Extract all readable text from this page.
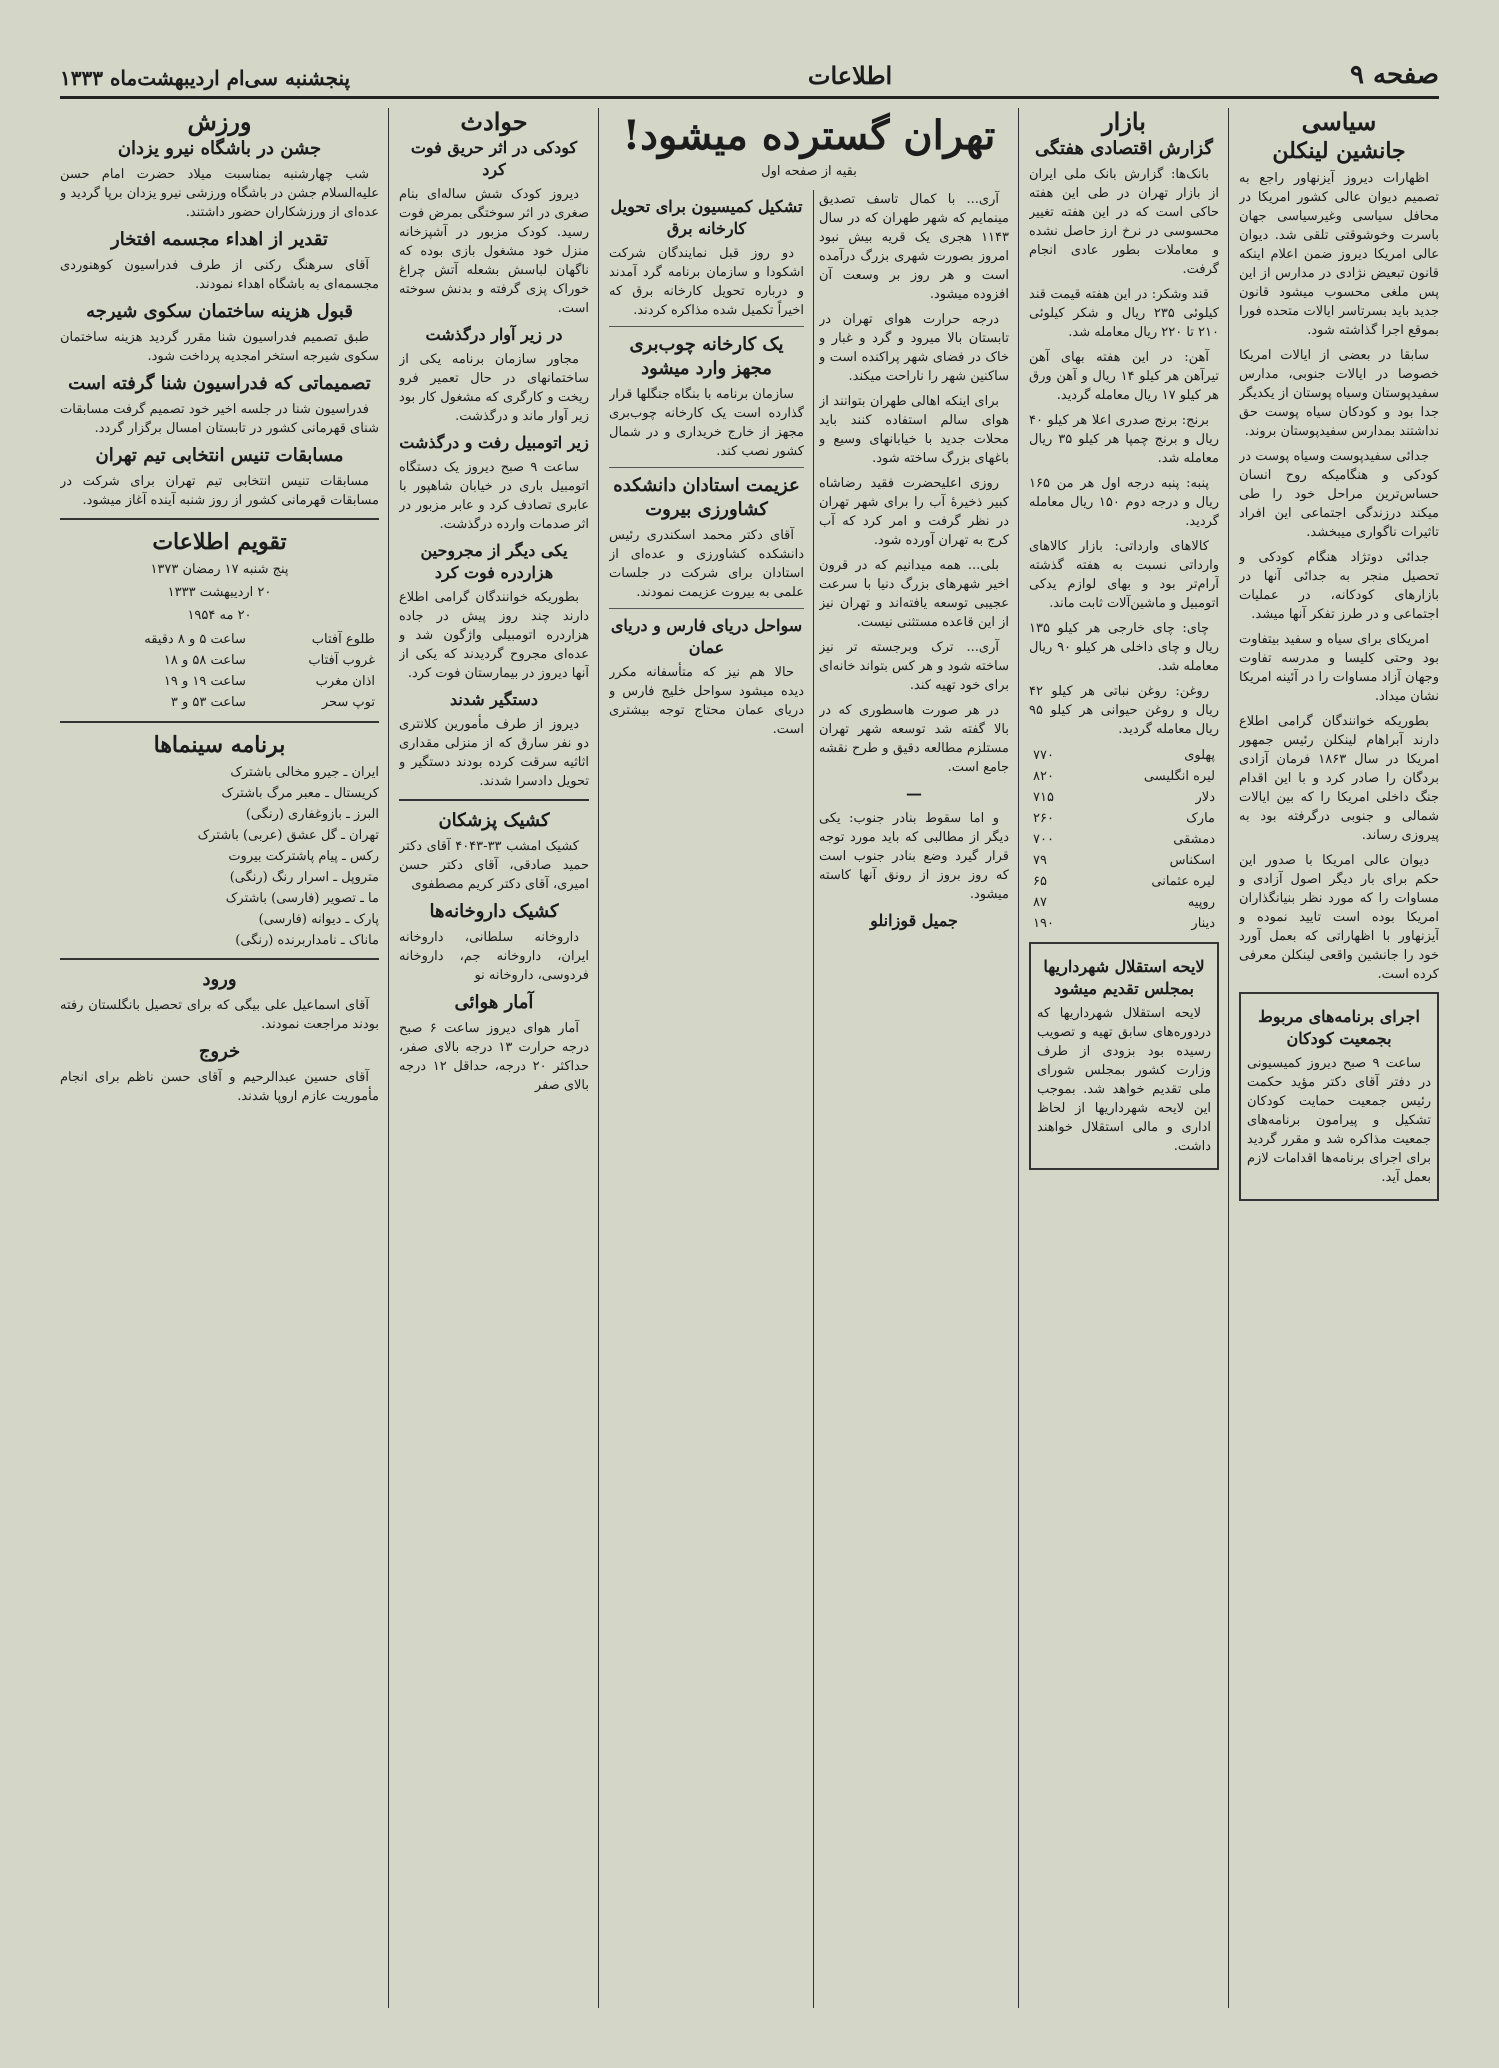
صفحه ۹
اطلاعات
پنجشنبه سی‌ام اردیبهشت‌ماه ۱۳۳۳
سیاسی
جانشین لینکلن

اظهارات دیروز آیزنهاور راجع به تصمیم دیوان عالی کشور امریکا در محافل سیاسی وغیرسیاسی جهان باسرت وخوشوقتی تلقی شد. دیوان عالی امریکا دیروز ضمن اعلام اینکه قانون تبعیض نژادی در مدارس از این پس ملغی محسوب میشود قانون جدید باید بسرتاسر ایالات متحده فورا بموقع اجرا گذاشته شود.

سابقا در بعضی از ایالات امریکا خصوصا در ایالات جنوبی، مدارس سفیدپوستان وسیاه پوستان از یکدیگر جدا بود و کودکان سیاه پوست حق نداشتند بمدارس سفیدپوستان بروند.

جدائی سفیدپوست وسیاه پوست در کودکی و هنگامیکه روح انسان حساس‌ترین مراحل خود را طی میکند درزندگی اجتماعی این افراد تاثیرات ناگواری میبخشد.

جدائی دوتژاد هنگام کودکی و تحصیل منجر به جدائی آنها در بازارهای کودکانه، در عملیات اجتماعی و در طرز تفکر آنها میشد.

امریکای برای سیاه و سفید بیتفاوت بود وحتی کلیسا و مدرسه تفاوت وجهان آزاد مساوات را در آئینه امریکا نشان میداد.

بطوریکه خوانندگان گرامی اطلاع دارند آبراهام لینکلن رئیس جمهور امریکا در سال ۱۸۶۳ فرمان آزادی بردگان را صادر کرد و با این اقدام جنگ داخلی امریکا را که بین ایالات شمالی و جنوبی درگرفته بود به پیروزی رساند.

دیوان عالی امریکا با صدور این حکم برای بار دیگر اصول آزادی و مساوات را که مورد نظر بنیانگذاران امریکا بوده است تایید نموده و آیزنهاور با اظهاراتی که بعمل آورد خود را جانشین واقعی لینکلن معرفی کرده است.

اجرای برنامه‌های مربوط بجمعیت کودکان

ساعت ۹ صبح دیروز کمیسیونی در دفتر آقای دکتر مؤید حکمت رئیس جمعیت حمایت کودکان تشکیل و پیرامون برنامه‌های جمعیت مذاکره شد و مقرر گردید برای اجرای برنامه‌ها اقدامات لازم بعمل آید.

بازار
گزارش اقتصادی هفتگی

بانک‌ها: گزارش بانک ملی ایران از بازار تهران در طی این هفته حاکی است که در این هفته تغییر محسوسی در نرخ ارز حاصل نشده و معاملات بطور عادی انجام گرفت.

قند وشکر: در این هفته قیمت قند کیلوئی ۲۳۵ ریال و شکر کیلوئی ۲۱۰ تا ۲۲۰ ریال معامله شد.

آهن: در این هفته بهای آهن تیرآهن هر کیلو ۱۴ ریال و آهن ورق هر کیلو ۱۷ ریال معامله گردید.

برنج: برنج صدری اعلا هر کیلو ۴۰ ریال و برنج چمپا هر کیلو ۳۵ ریال معامله شد.

پنبه: پنبه درجه اول هر من ۱۶۵ ریال و درجه دوم ۱۵۰ ریال معامله گردید.

کالاهای وارداتی: بازار کالاهای وارداتی نسبت به هفته گذشته آرام‌تر بود و بهای لوازم یدکی اتومبیل و ماشین‌آلات ثابت ماند.

چای: چای خارجی هر کیلو ۱۳۵ ریال و چای داخلی هر کیلو ۹۰ ریال معامله شد.

روغن: روغن نباتی هر کیلو ۴۲ ریال و روغن حیوانی هر کیلو ۹۵ ریال معامله گردید.

پهلوی	۷۷۰
لیره انگلیسی	۸۲۰
دلار	۷۱۵
مارک	۲۶۰
دمشقی	۷۰۰
اسکناس	۷۹
لیره عثمانی	۶۵
روپیه	۸۷
دینار	۱۹۰
لایحه استقلال شهرداریها بمجلس تقدیم میشود

لایحه استقلال شهرداریها که دردوره‌های سابق تهیه و تصویب رسیده بود بزودی از طرف وزارت کشور بمجلس شورای ملی تقدیم خواهد شد. بموجب این لایحه شهرداریها از لحاظ اداری و مالی استقلال خواهند داشت.

تهران گسترده میشود!
بقیه از صفحه اول

آری... با کمال تاسف تصدیق مینمایم که شهر طهران که در سال ۱۱۴۳ هجری یک قریه بیش نبود امروز بصورت شهری بزرگ درآمده است و هر روز بر وسعت آن افزوده میشود.

درجه حرارت هوای تهران در تابستان بالا میرود و گرد و غبار و خاک در فضای شهر پراکنده است و ساکنین شهر را ناراحت میکند.

برای اینکه اهالی طهران بتوانند از هوای سالم استفاده کنند باید محلات جدید با خیابانهای وسیع و باغهای بزرگ ساخته شود.

روزی اعلیحضرت فقید رضاشاه کبیر ذخیرهٔ آب را برای شهر تهران در نظر گرفت و امر کرد که آب کرج به تهران آورده شود.

بلی... همه میدانیم که در قرون اخیر شهرهای بزرگ دنیا با سرعت عجیبی توسعه یافته‌اند و تهران نیز از این قاعده مستثنی نیست.

آری... ترک وبرجسته تر نیز ساخته شود و هر کس بتواند خانه‌ای برای خود تهیه کند.

در هر صورت هاسطوری که در بالا گفته شد توسعه شهر تهران مستلزم مطالعه دقیق و طرح نقشه جامع است.

—

و اما سقوط بنادر جنوب: یکی دیگر از مطالبی که باید مورد توجه قرار گیرد وضع بنادر جنوب است که روز بروز از رونق آنها کاسته میشود.

جمیل قوزانلو
تشکیل کمیسیون برای تحویل کارخانه برق

دو روز قبل نمایندگان شرکت اشکودا و سازمان برنامه گرد آمدند و درباره تحویل کارخانه برق که اخیراً تکمیل شده مذاکره کردند.

یک کارخانه چوب‌بری مجهز وارد میشود

سازمان برنامه با بنگاه جنگلها قرار گذارده است یک کارخانه چوب‌بری مجهز از خارج خریداری و در شمال کشور نصب کند.

عزیمت استادان دانشکده کشاورزی بیروت

آقای دکتر محمد اسکندری رئیس دانشکده کشاورزی و عده‌ای از استادان برای شرکت در جلسات علمی به بیروت عزیمت نمودند.

سواحل دریای فارس و دریای عمان

حالا هم نیز که متأسفانه مکرر دیده میشود سواحل خلیج فارس و دریای عمان محتاج توجه بیشتری است.

حوادث
کودکی در اثر حریق فوت کرد

دیروز کودک شش ساله‌ای بنام صغری در اثر سوختگی بمرض فوت رسید. کودک مزبور در آشپزخانه منزل خود مشغول بازی بوده که ناگهان لباسش بشعله آتش چراغ خوراک پزی گرفته و بدنش سوخته است.

در زیر آوار درگذشت

مجاور سازمان برنامه یکی از ساختمانهای در حال تعمیر فرو ریخت و کارگری که مشغول کار بود زیر آوار ماند و درگذشت.

زیر اتومبیل رفت و درگذشت

ساعت ۹ صبح دیروز یک دستگاه اتومبیل باری در خیابان شاهپور با عابری تصادف کرد و عابر مزبور در اثر صدمات وارده درگذشت.

یکی دیگر از مجروحین هزاردره فوت کرد

بطوریکه خوانندگان گرامی اطلاع دارند چند روز پیش در جاده هزاردره اتومبیلی واژگون شد و عده‌ای مجروح گردیدند که یکی از آنها دیروز در بیمارستان فوت کرد.

دستگیر شدند

دیروز از طرف مأمورین کلانتری دو نفر سارق که از منزلی مقداری اثاثیه سرقت کرده بودند دستگیر و تحویل دادسرا شدند.

کشیک پزشکان

کشیک امشب ۳۳-۴۰۴۳ آقای دکتر حمید صادقی، آقای دکتر حسن امیری، آقای دکتر کریم مصطفوی

کشیک داروخانه‌ها

داروخانه سلطانی، داروخانه ایران، داروخانه جم، داروخانه فردوسی، داروخانه نو

آمار هوائی

آمار هوای دیروز ساعت ۶ صبح درجه حرارت ۱۳ درجه بالای صفر، حداکثر ۲۰ درجه، حداقل ۱۲ درجه بالای صفر

ورزش
جشن در باشگاه نیرو یزدان

شب چهارشنبه بمناسبت میلاد حضرت امام حسن علیه‌السلام جشن در باشگاه ورزشی نیرو یزدان برپا گردید و عده‌ای از ورزشکاران حضور داشتند.

تقدیر از اهداء مجسمه افتخار

آقای سرهنگ رکنی از طرف فدراسیون کوهنوردی مجسمه‌ای به باشگاه اهداء نمودند.

قبول هزینه ساختمان سکوی شیرجه

طبق تصمیم فدراسیون شنا مقرر گردید هزینه ساختمان سکوی شیرجه استخر امجدیه پرداخت شود.

تصمیماتی که فدراسیون شنا گرفته است

فدراسیون شنا در جلسه اخیر خود تصمیم گرفت مسابقات شنای قهرمانی کشور در تابستان امسال برگزار گردد.

مسابقات تنیس انتخابی تیم تهران

مسابقات تنیس انتخابی تیم تهران برای شرکت در مسابقات قهرمانی کشور از روز شنبه آینده آغاز میشود.

تقویم اطلاعات
پنج شنبه ۱۷ رمضان ۱۳۷۳
۲۰ اردیبهشت ۱۳۳۳
۲۰ مه ۱۹۵۴
طلوع آفتاب	ساعت ۵ و ۸ دقیقه
غروب آفتاب	ساعت ۵۸ و ۱۸
اذان مغرب	ساعت ۱۹ و ۱۹
توپ سحر	ساعت ۵۳ و ۳
برنامه سینماها
ایران ـ جیرو مخالی باشترک
کریستال ـ معبر مرگ باشترک
البرز ـ بازوغفاری (رنگی)
تهران ـ گل عشق (عربی) باشترک
رکس ـ پیام پاشترکت بیروت
متروپل ـ اسرار رنگ (رنگی)
ما ـ تصویر (فارسی) باشترک
پارک ـ دیوانه (فارسی)
ماناک ـ نامداربرنده (رنگی)
ورود

آقای اسماعیل علی بیگی که برای تحصیل بانگلستان رفته بودند مراجعت نمودند.

خروج

آقای حسین عبدالرحیم و آقای حسن ناظم برای انجام مأموریت عازم اروپا شدند.
